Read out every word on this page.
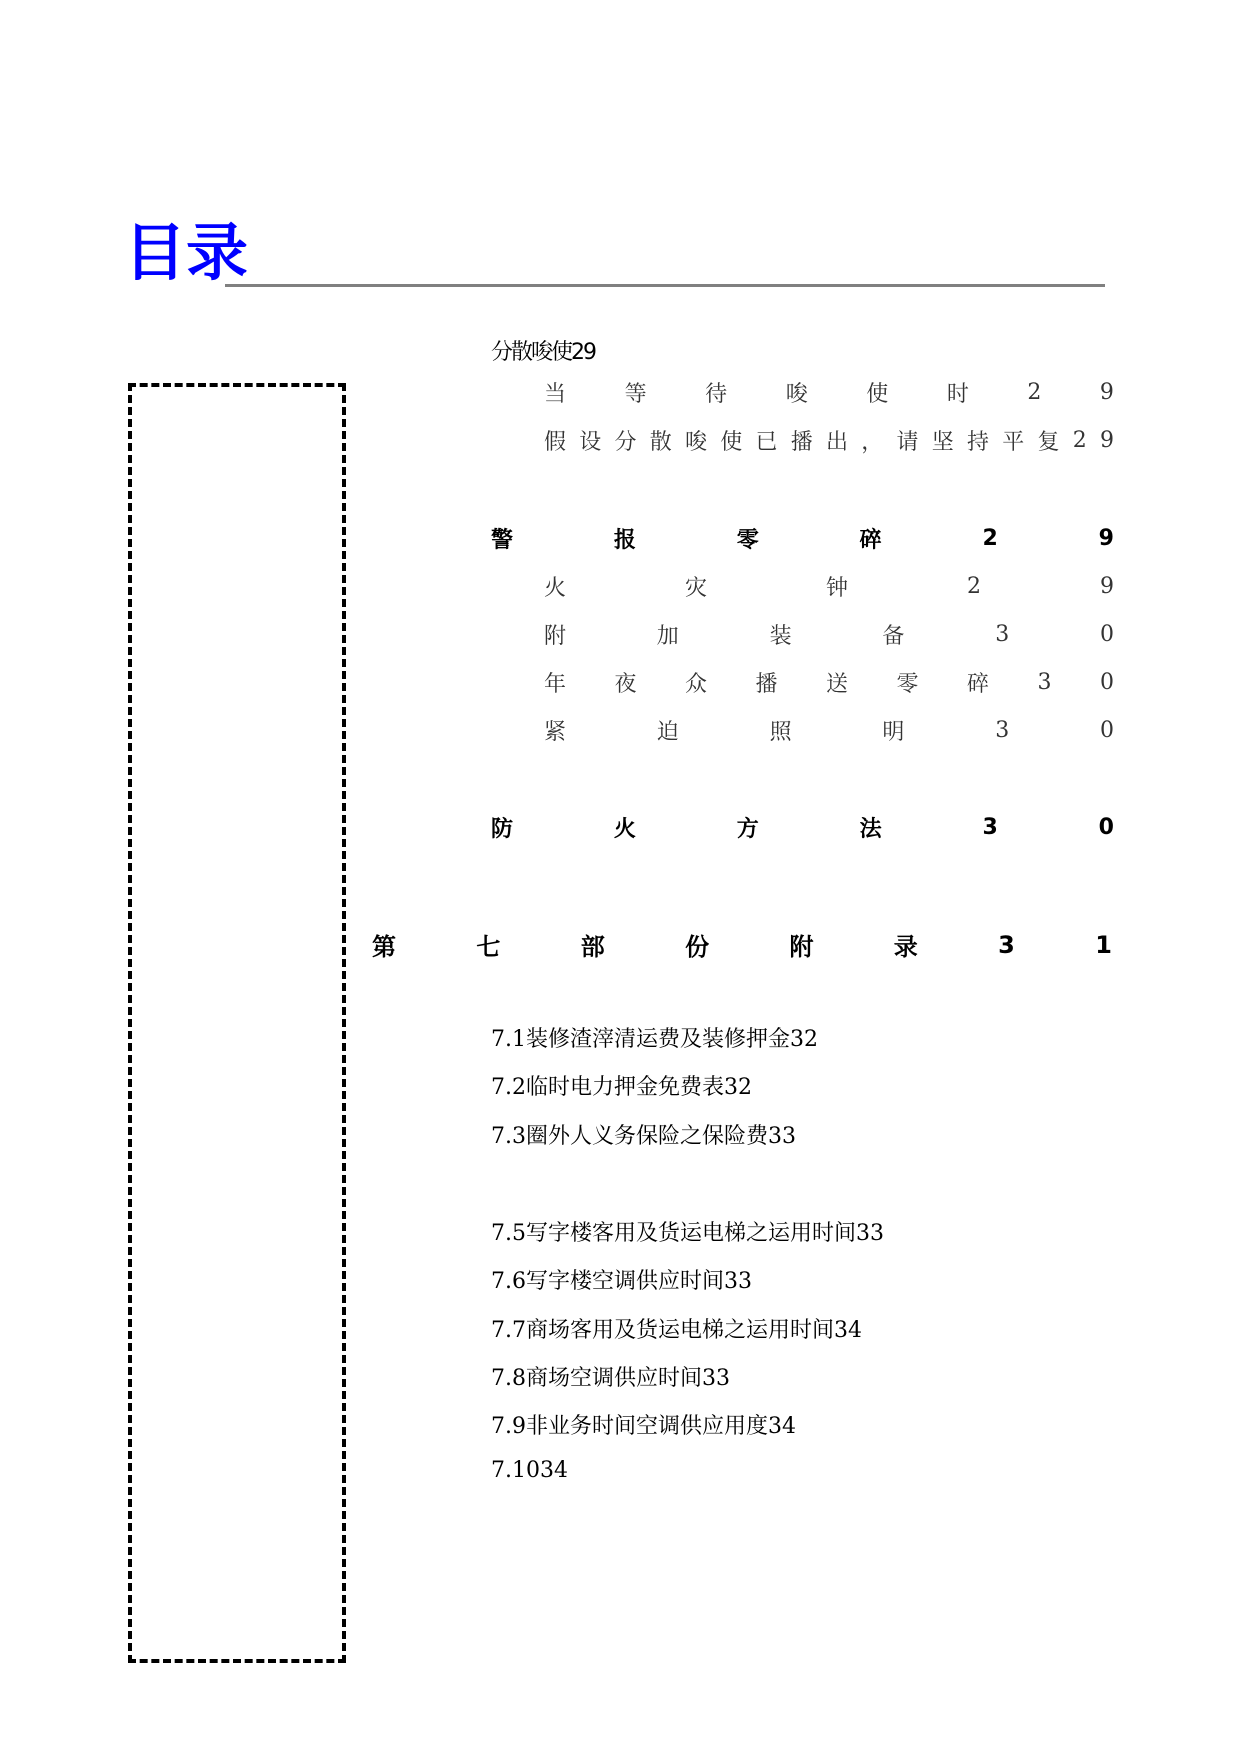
目录
分散唆使29
当	等	待	唆	使	时	2	9
假 设 分 散 唆 使 已 播 出 ， 请 坚 持 平 复 2 9
警	报	零	碎	2	9
火	灾	钟	2	9
附	加	装	备	3	0
年 夜 众 播 送 零 碎 3 0
紧	迫	照	明	3	0
防	火	方	法	3	0
第	七	部	份	附	录	3	1
7.1装修渣滓清运费及装修押金32
7.2临时电力押金免费表32
7.3圈外人义务保险之保险费33
7.5写字楼客用及货运电梯之运用时间33
7.6写字楼空调供应时间33
7.7商场客用及货运电梯之运用时间34
7.8商场空调供应时间33
7.9非业务时间空调供应用度34
7.1034
